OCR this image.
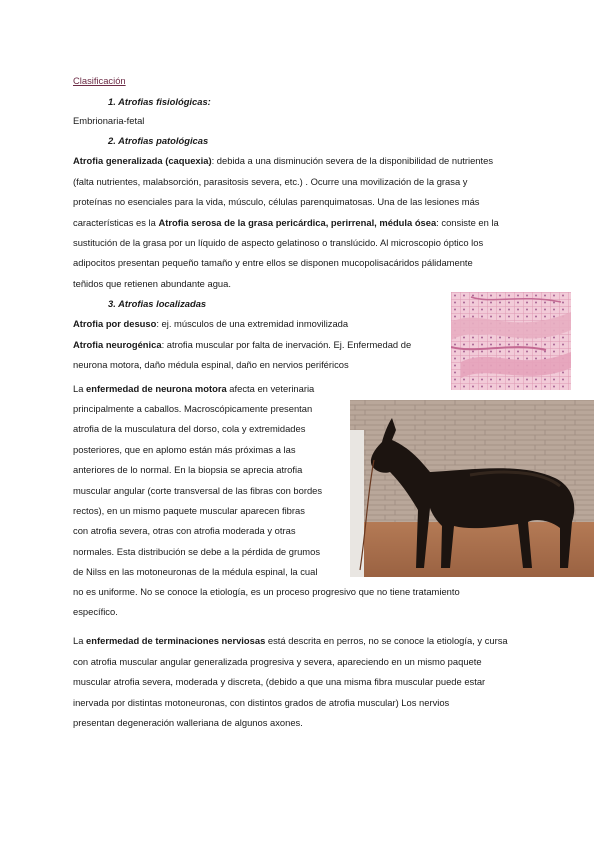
Clasificación
1. Atrofias fisiológicas:
Embrionaria-fetal
2. Atrofias patológicas
Atrofia generalizada (caquexia): debida a una disminución severa de la disponibilidad de nutrientes
(falta nutrientes, malabsorción, parasitosis severa, etc.) . Ocurre una movilización de la grasa y
proteínas no esenciales para la vida, músculo, células parenquimatosas. Una de las lesiones más
características es la Atrofia serosa de la grasa pericárdica, perirrenal, médula ósea: consiste en la
sustitución de la grasa por un líquido de aspecto gelatinoso o translúcido. Al microscopio óptico los
adipocitos presentan pequeño tamaño y entre ellos se disponen mucopolisacáridos pálidamente
teñidos que retienen abundante agua.
3. Atrofias localizadas
Atrofia por desuso: ej. músculos de una extremidad inmovilizada
Atrofia neurogénica: atrofia muscular por falta de inervación. Ej. Enfermedad de
neurona motora, daño médula espinal, daño en nervios periféricos
La enfermedad de neurona motora afecta en veterinaria
principalmente a caballos. Macroscópicamente presentan
atrofia de la musculatura del dorso, cola y extremidades
posteriores, que en aplomo están más próximas a las
anteriores de lo normal. En la biopsia se aprecia atrofia
muscular angular (corte transversal de las fibras con bordes
rectos), en un mismo paquete muscular aparecen fibras
con atrofia severa, otras con atrofia moderada y otras
normales. Esta distribución se debe a la pérdida de grumos
de Nilss en las motoneuronas de la médula espinal, la cual
no es uniforme. No se conoce la etiología, es un proceso progresivo que no tiene tratamiento
específico.
La enfermedad de terminaciones nerviosas está descrita en perros, no se conoce la etiología, y cursa
con atrofia muscular angular generalizada progresiva y severa, apareciendo en un mismo paquete
muscular atrofia severa, moderada y discreta, (debido a que una misma fibra muscular puede estar
inervada por distintas motoneuronas, con distintos grados de atrofia muscular) Los nervios
presentan degeneración walleriana de algunos axones.
